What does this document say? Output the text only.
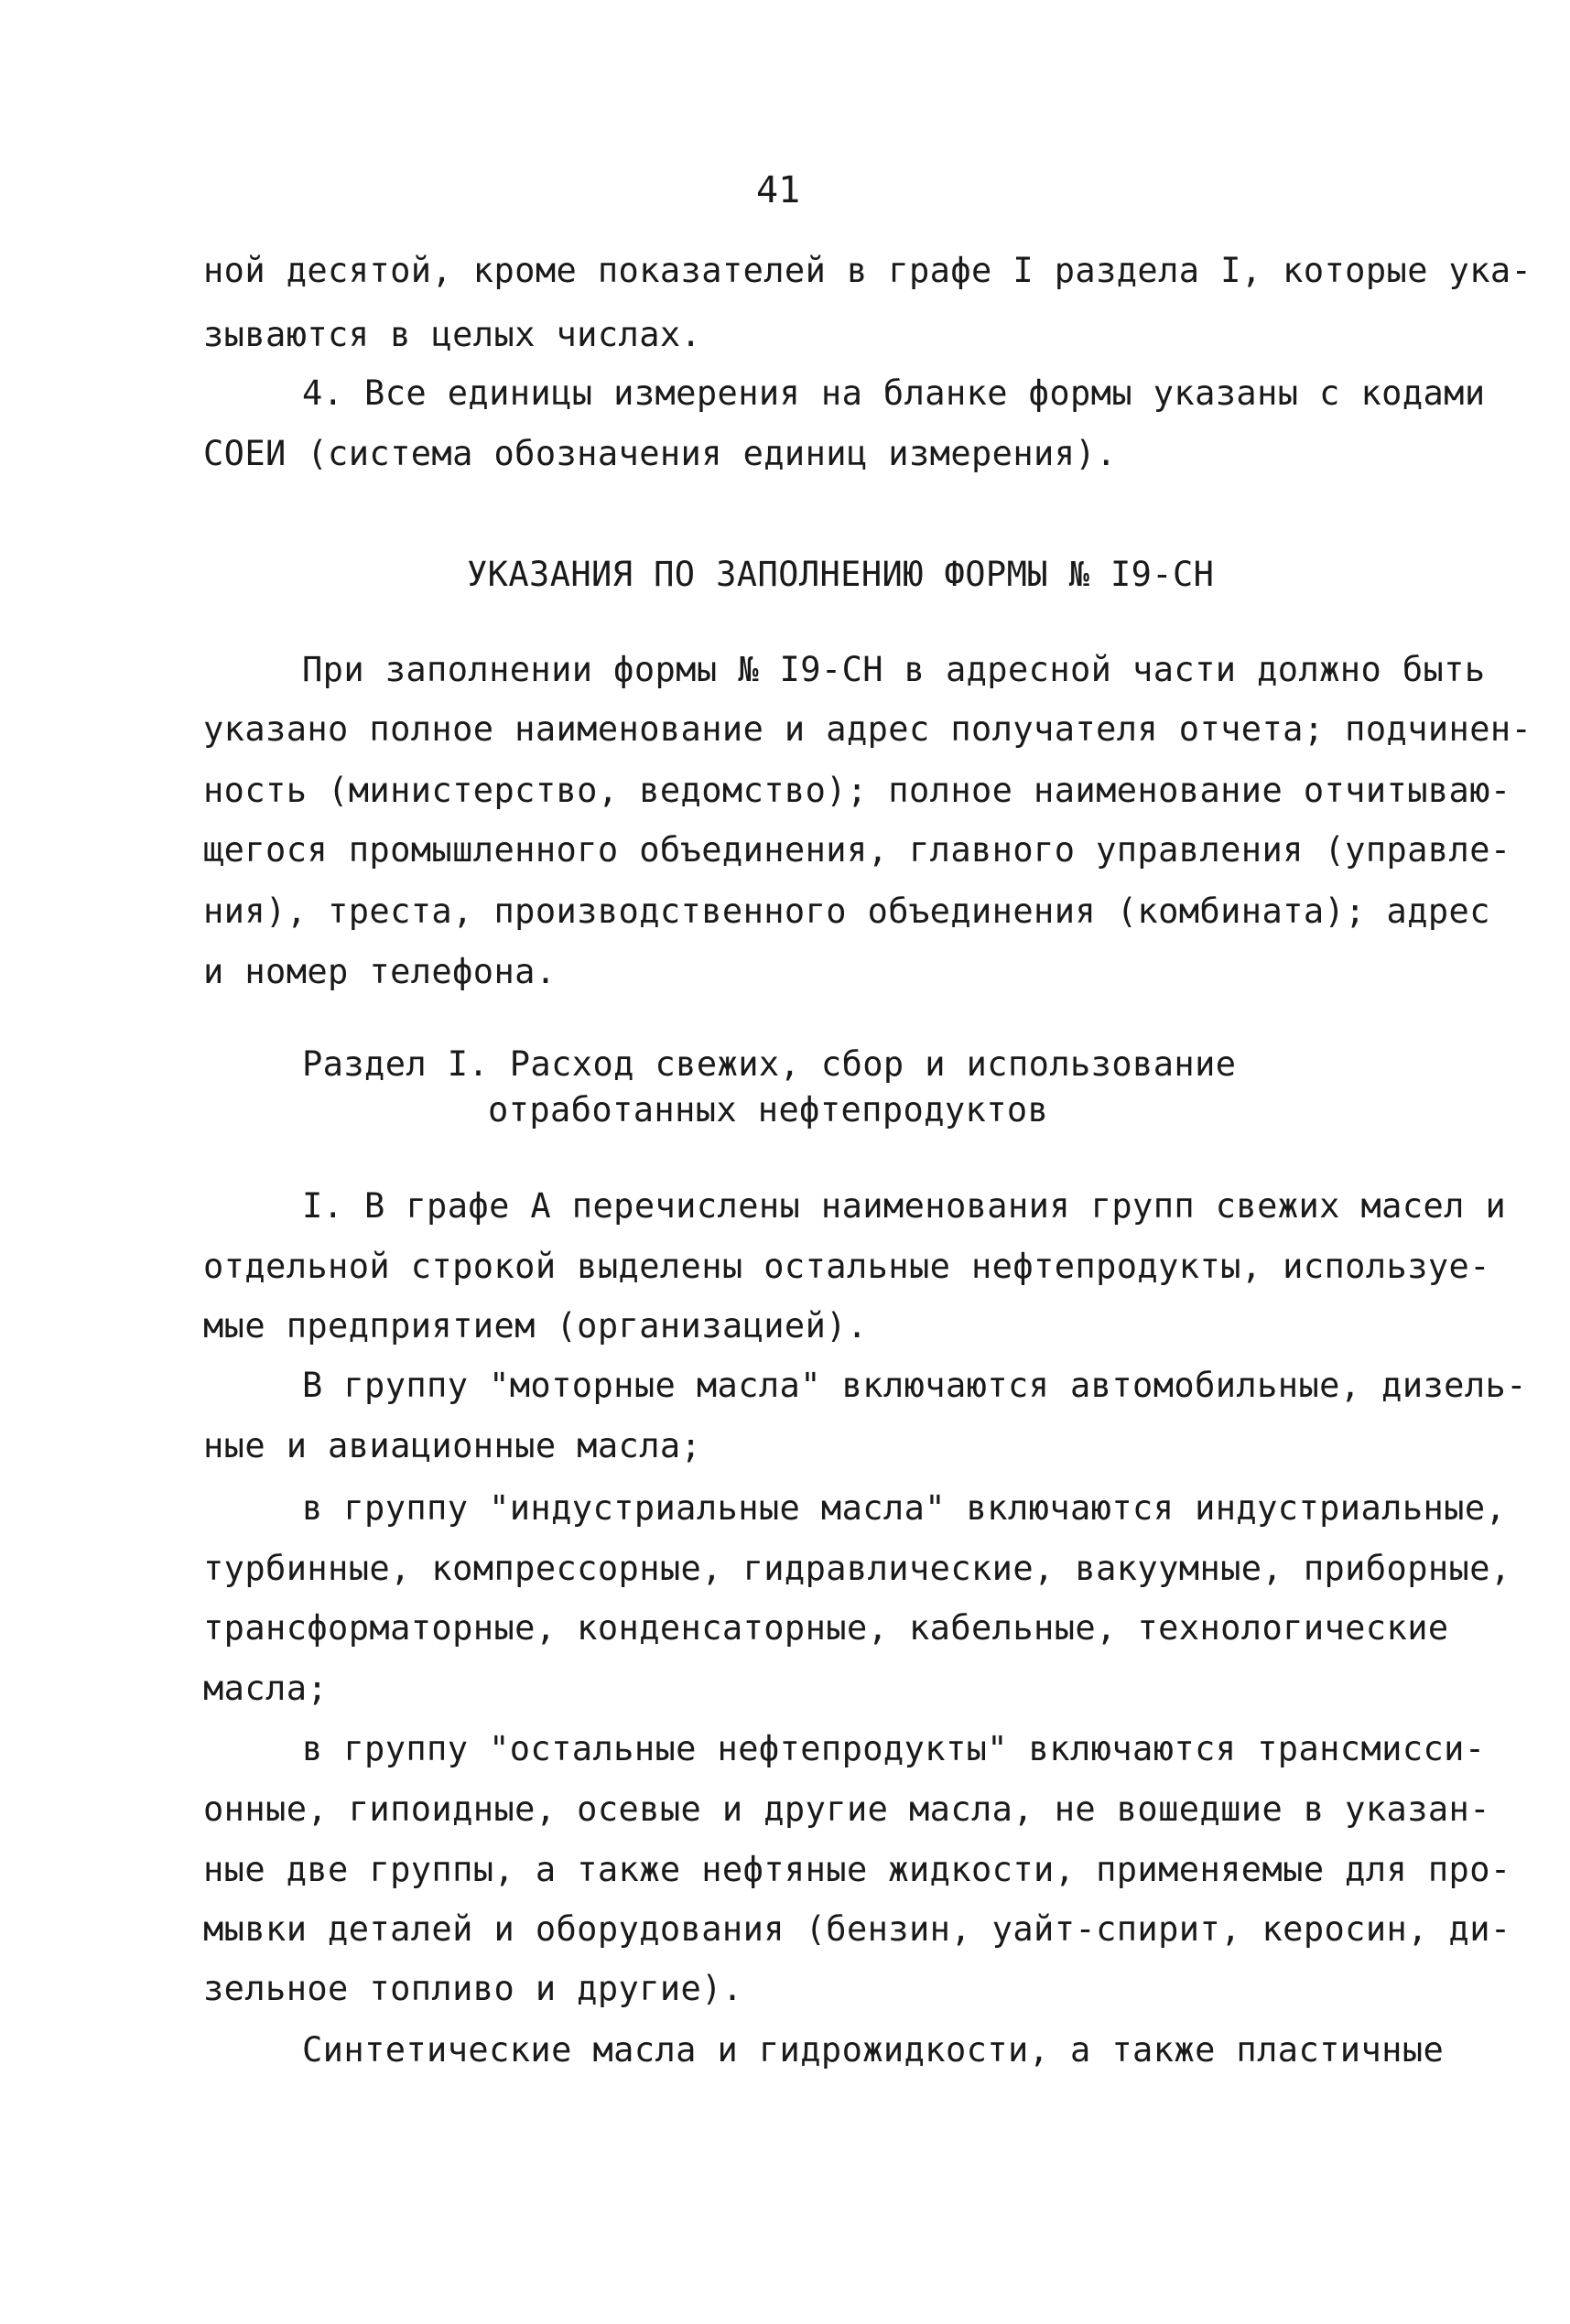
41
ной десятой, кроме показателей в графе I раздела I, которые ука-
зываются в целых числах.
4. Все единицы измерения на бланке формы указаны с кодами
СОЕИ (система обозначения единиц измерения).
УКАЗАНИЯ ПО ЗАПОЛНЕНИЮ ФОРМЫ № I9-СН
При заполнении формы № I9-СН в адресной части должно быть
указано полное наименование и адрес получателя отчета; подчинен-
ность (министерство, ведомство); полное наименование отчитываю-
щегося промышленного объединения, главного управления (управле-
ния), треста, производственного объединения (комбината); адрес
и номер телефона.
Раздел I. Расход свежих, сбор и использование
отработанных нефтепродуктов
I. В графе А перечислены наименования групп свежих масел и
отдельной строкой выделены остальные нефтепродукты, используе-
мые предприятием (организацией).
В группу "моторные масла" включаются автомобильные, дизель-
ные и авиационные масла;
в группу "индустриальные масла" включаются индустриальные,
турбинные, компрессорные, гидравлические, вакуумные, приборные,
трансформаторные, конденсаторные, кабельные, технологические
масла;
в группу "остальные нефтепродукты" включаются трансмисси-
онные, гипоидные, осевые и другие масла, не вошедшие в указан-
ные две группы, а также нефтяные жидкости, применяемые для про-
мывки деталей и оборудования (бензин, уайт-спирит, керосин, ди-
зельное топливо и другие).
Синтетические масла и гидрожидкости, а также пластичные
